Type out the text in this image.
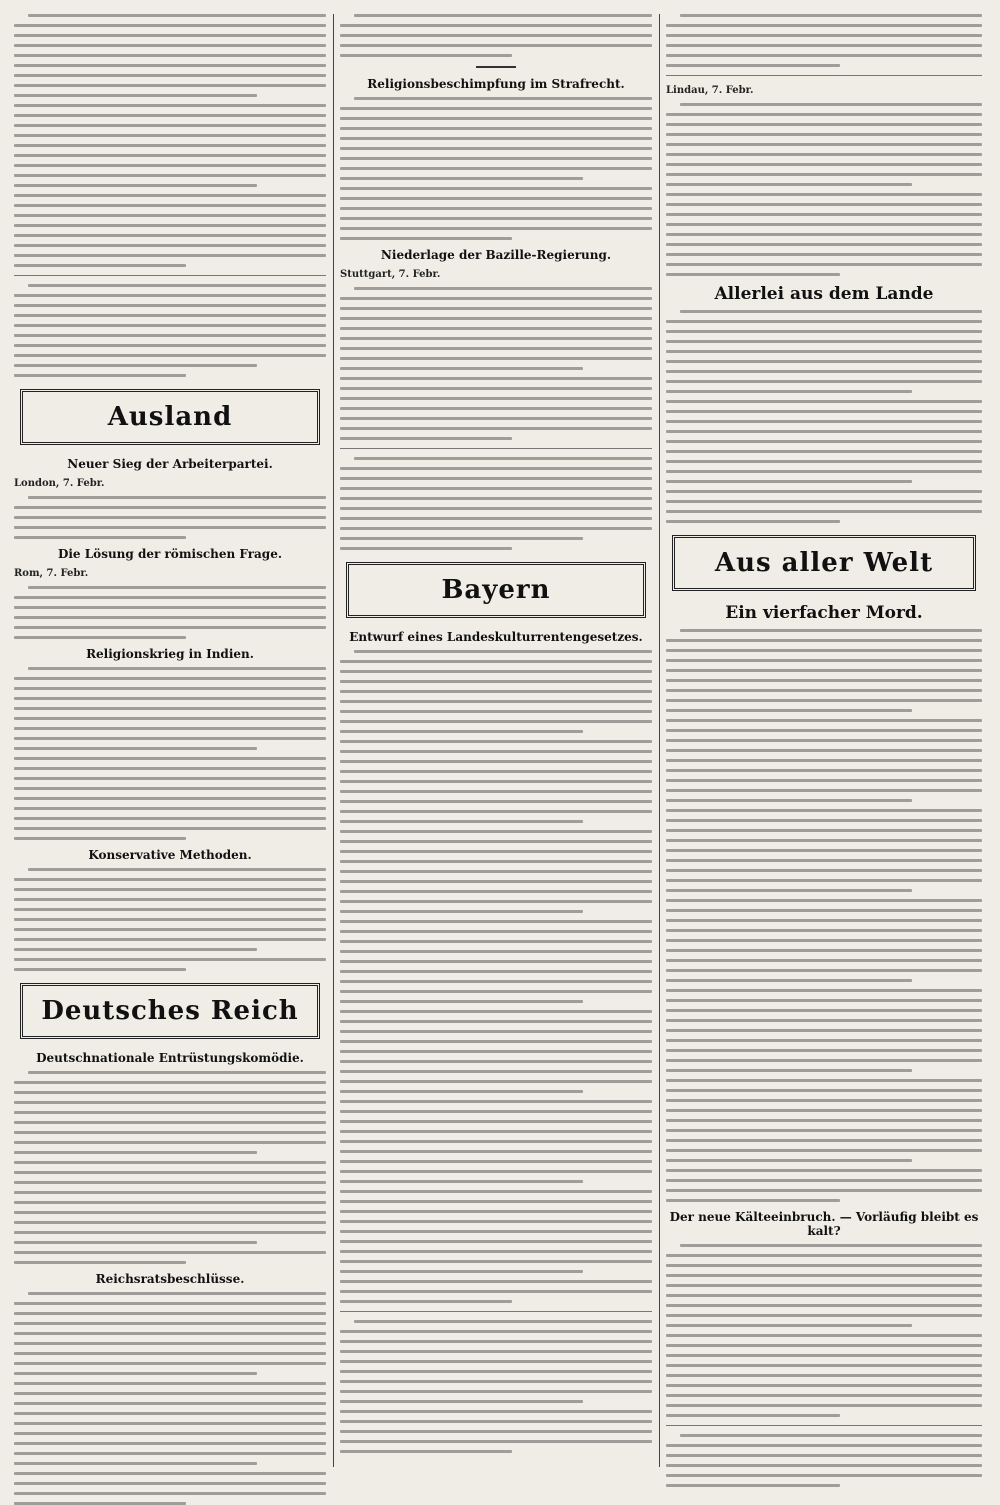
Ausland
Neuer Sieg der Arbeiterpartei.
London, 7. Febr.
Die Lösung der römischen Frage.
Rom, 7. Febr.
Religionskrieg in Indien.
Konservative Methoden.
Deutsches Reich
Deutschnationale Entrüstungskomödie.
Reichsratsbeschlüsse.
Religionsbeschimpfung im Strafrecht.
Niederlage der Bazille-Regierung.
Stuttgart, 7. Febr.
Bayern
Entwurf eines Landeskulturrentengesetzes.
Lindau, 7. Febr.
Allerlei aus dem Lande
Aus aller Welt
Ein vierfacher Mord.
Der neue Kälteeinbruch. — Vorläufig bleibt es kalt?
